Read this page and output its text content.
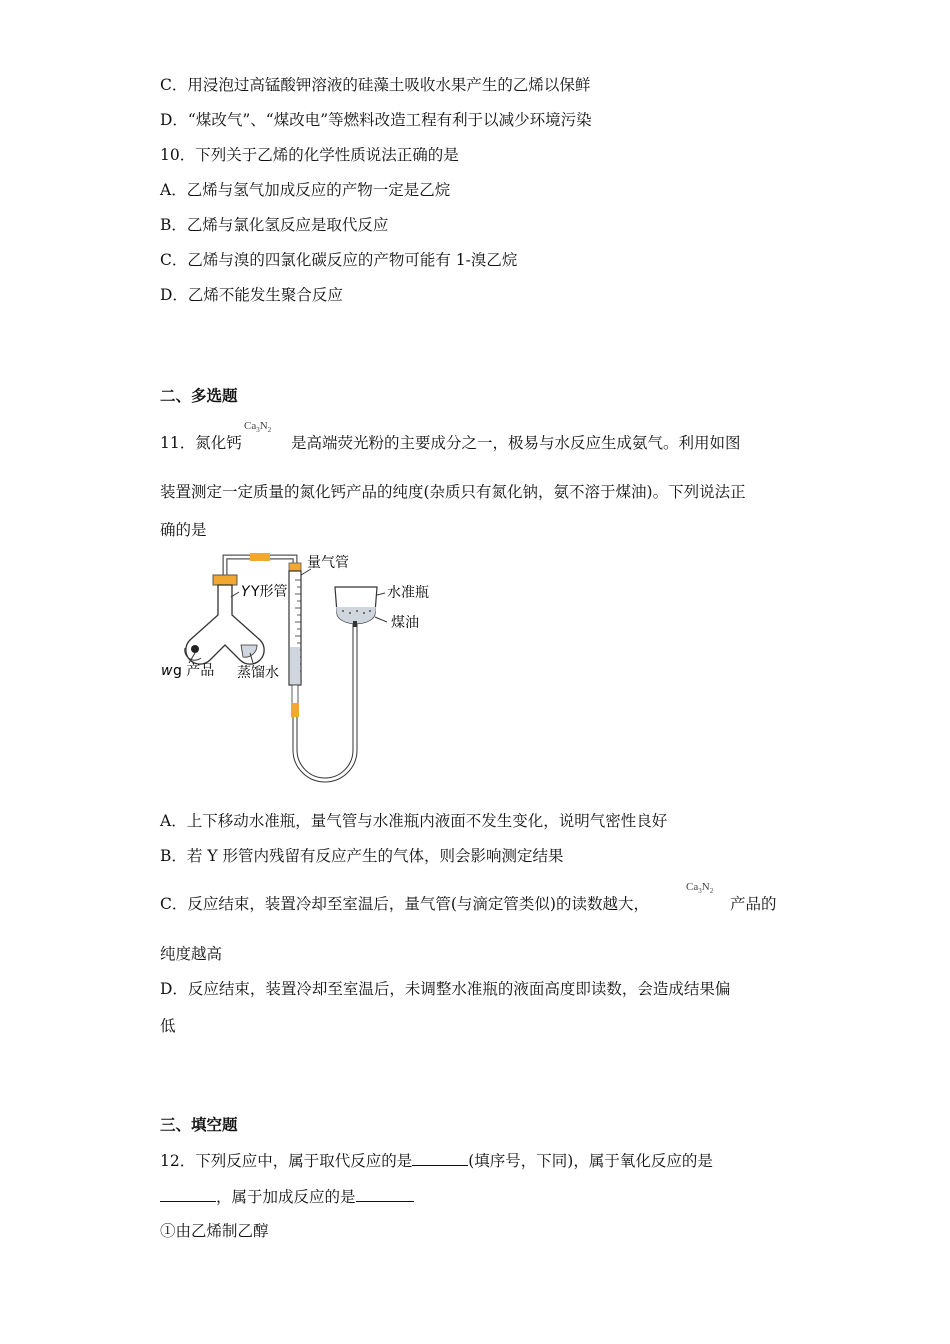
C．用浸泡过高锰酸钾溶液的硅藻土吸收水果产生的乙烯以保鲜
D．“煤改气”、“煤改电”等燃料改造工程有利于以减少环境污染
10．下列关于乙烯的化学性质说法正确的是
A．乙烯与氢气加成反应的产物一定是乙烷
B．乙烯与氯化氢反应是取代反应
C．乙烯与溴的四氯化碳反应的产物可能有 1-溴乙烷
D．乙烯不能发生聚合反应
二、多选题
11．氮化钙
$Ca_3N_2$
是高端荧光粉的主要成分之一，极易与水反应生成氨气。利用如图
装置测定一定质量的氮化钙产品的纯度(杂质只有氮化钠，氨不溶于煤油)。下列说法正
确的是
Y Y形管
w g 产品 蒸馏水
量气管
水准瓶
煤油
A．上下移动水准瓶，量气管与水准瓶内液面不发生变化，说明气密性良好
B．若 Y 形管内残留有反应产生的气体，则会影响测定结果
C．反应结束，装置冷却至室温后，量气管(与滴定管类似)的读数越大，
$Ca_3N_2$
产品的
纯度越高
D．反应结束，装置冷却至室温后，未调整水准瓶的液面高度即读数，会造成结果偏
低
三、填空题
12．下列反应中，属于取代反应的是	(填序号，下同)，属于氧化反应的是
，属于加成反应的是
①由乙烯制乙醇
